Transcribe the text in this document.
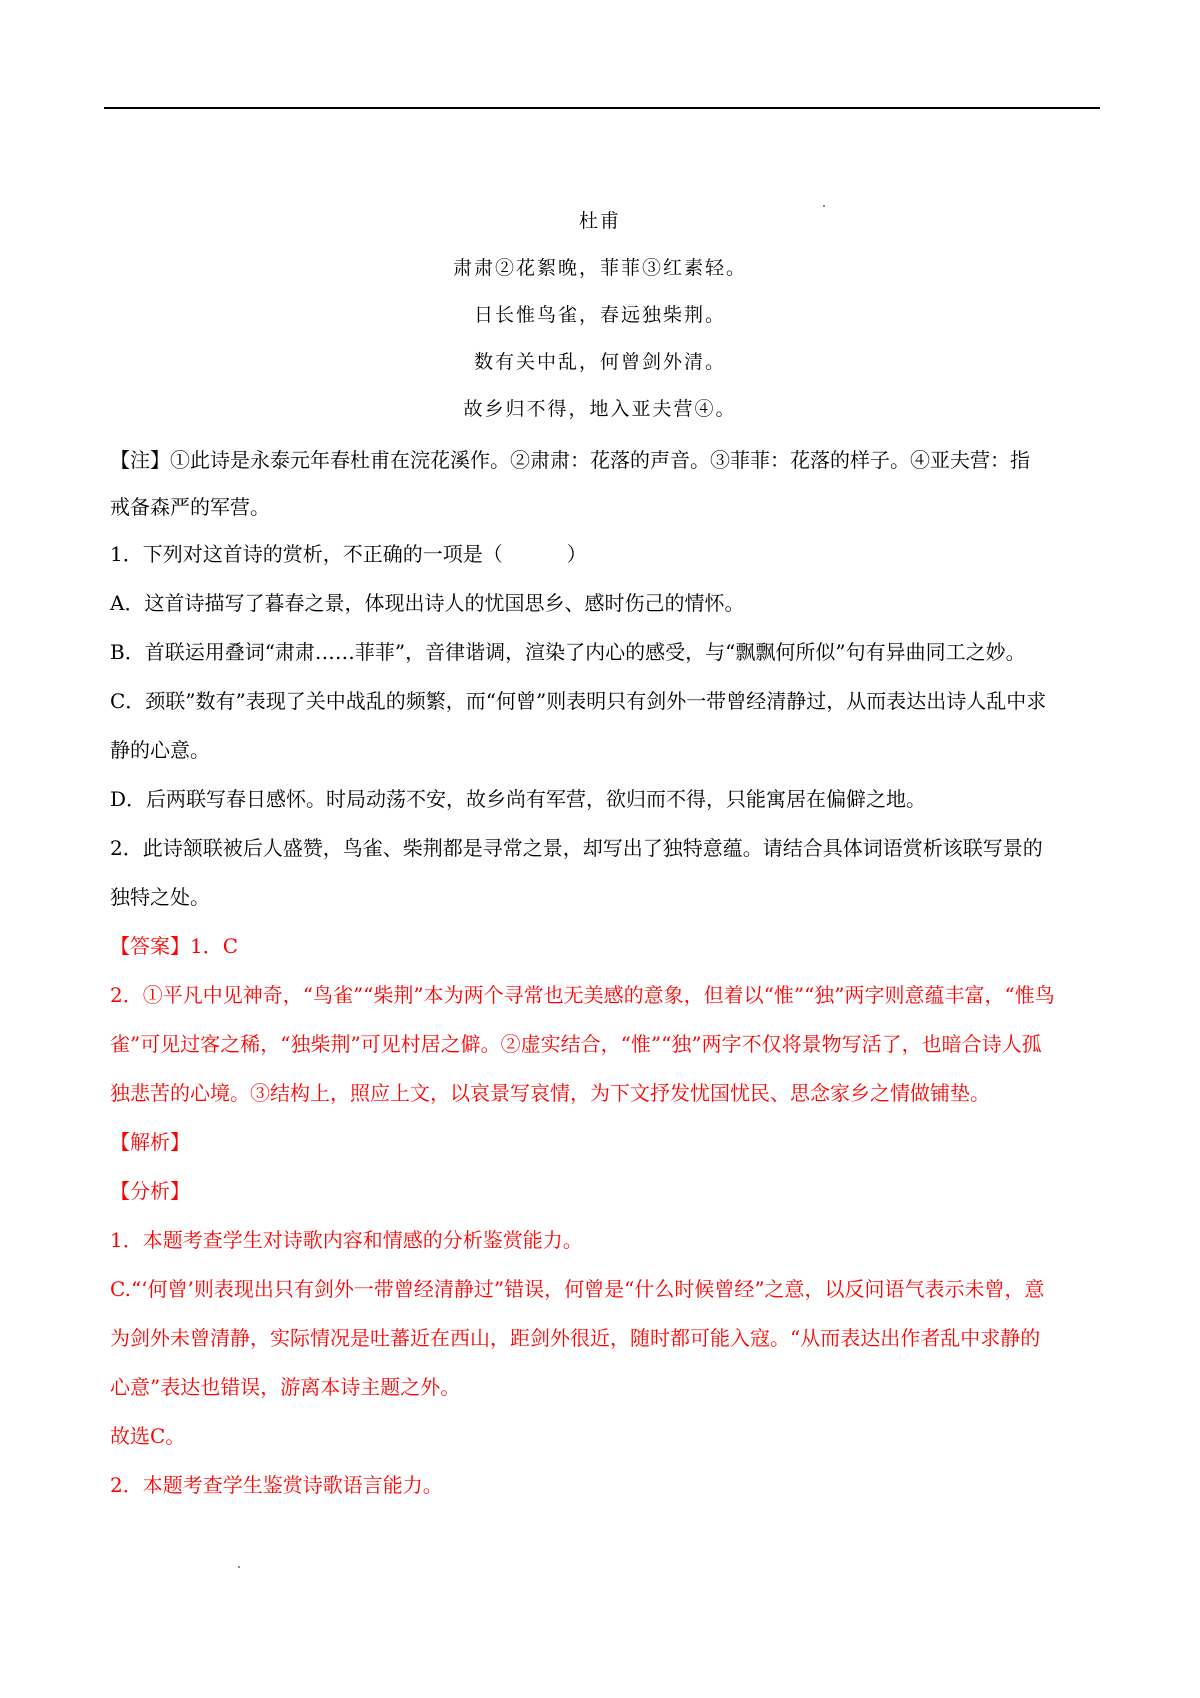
杜甫
肃肃②花絮晚，菲菲③红素轻。
日长惟鸟雀，春远独柴荆。
数有关中乱，何曾剑外清。
故乡归不得，地入亚夫营④。
【注】①此诗是永泰元年春杜甫在浣花溪作。②肃肃：花落的声音。③菲菲：花落的样子。④亚夫营：指
戒备森严的军营。
1．下列对这首诗的赏析，不正确的一项是（	）
A．这首诗描写了暮春之景，体现出诗人的忧国思乡、感时伤己的情怀。
B．首联运用叠词“肃肃……菲菲”，音律谐调，渲染了内心的感受，与“飘飘何所似”句有异曲同工之妙。
C．颈联”数有”表现了关中战乱的频繁，而“何曾”则表明只有剑外一带曾经清静过，从而表达出诗人乱中求
静的心意。
D．后两联写春日感怀。时局动荡不安，故乡尚有军营，欲归而不得，只能寓居在偏僻之地。
2．此诗颔联被后人盛赞，鸟雀、柴荆都是寻常之景，却写出了独特意蕴。请结合具体词语赏析该联写景的
独特之处。
【答案】1．C
2．①平凡中见神奇，“鸟雀”“柴荆”本为两个寻常也无美感的意象，但着以“惟”“独”两字则意蕴丰富，“惟鸟
雀”可见过客之稀，“独柴荆”可见村居之僻。②虚实结合，“惟”“独”两字不仅将景物写活了，也暗合诗人孤
独悲苦的心境。③结构上，照应上文，以哀景写哀情，为下文抒发忧国忧民、思念家乡之情做铺垫。
【解析】
【分析】
1．本题考查学生对诗歌内容和情感的分析鉴赏能力。
C.“‘何曾’则表现出只有剑外一带曾经清静过”错误，何曾是“什么时候曾经”之意，以反问语气表示未曾，意
为剑外未曾清静，实际情况是吐蕃近在西山，距剑外很近，随时都可能入寇。“从而表达出作者乱中求静的
心意”表达也错误，游离本诗主题之外。
故选C。
2．本题考查学生鉴赏诗歌语言能力。
